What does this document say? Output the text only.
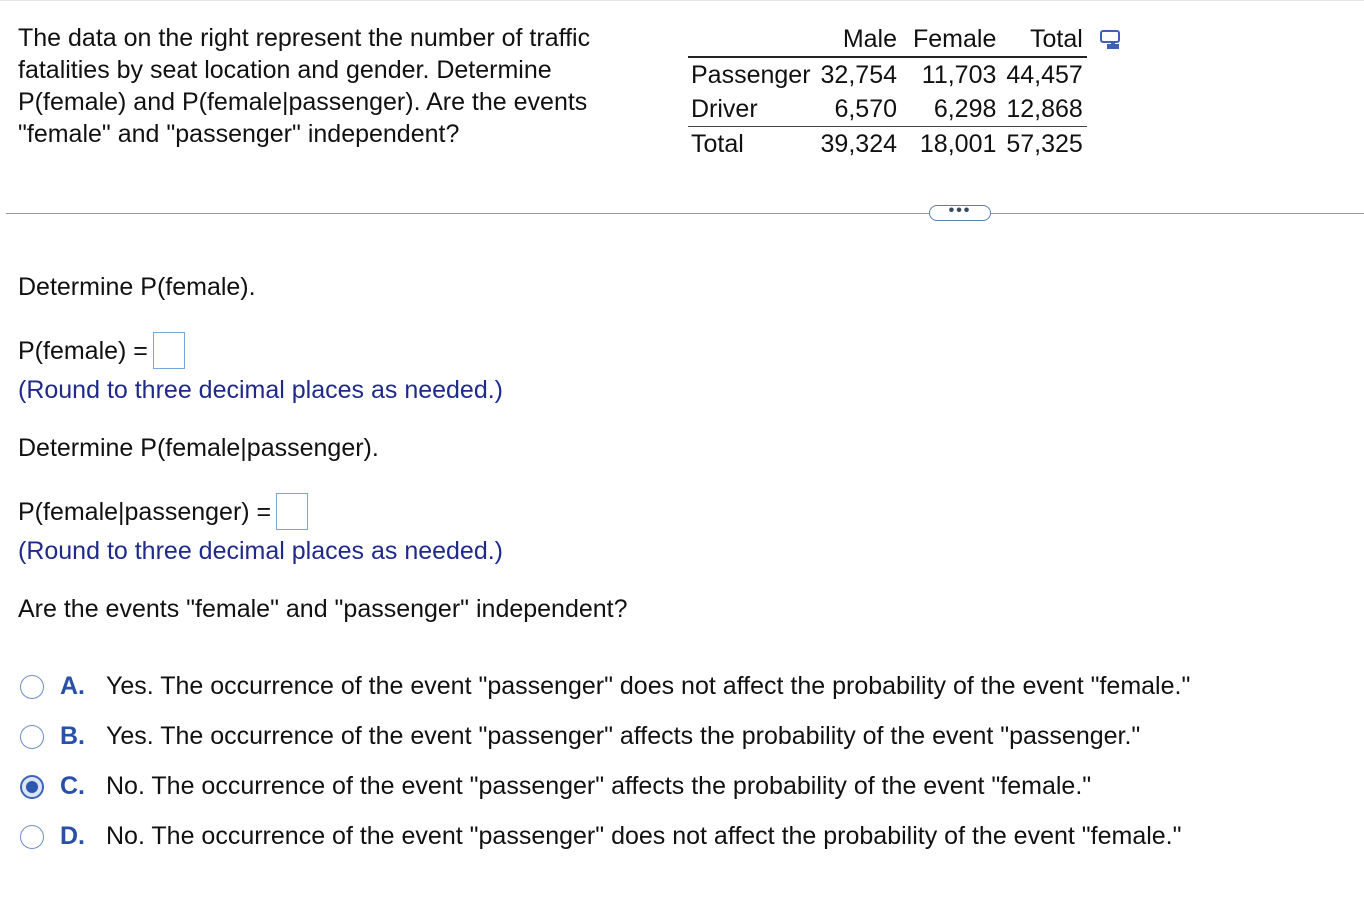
The data on the right represent the number of traffic fatalities by seat location and gender. Determine P(female) and P(female|passenger). Are the events "female" and "passenger" independent?

	Male	Female	Total
Passenger	32,754	11,703	44,457
Driver	6,570	6,298	12,868
Total	39,324	18,001	57,325
•••

Determine P(female).

P(female) =

(Round to three decimal places as needed.)

Determine P(female|passenger).

P(female|passenger) =

(Round to three decimal places as needed.)

Are the events "female" and "passenger" independent?

A. Yes. The occurrence of the event "passenger" does not affect the probability of the event "female."
B. Yes. The occurrence of the event "passenger" affects the probability of the event "passenger."
C. No. The occurrence of the event "passenger" affects the probability of the event "female."
D. No. The occurrence of the event "passenger" does not affect the probability of the event "female."
